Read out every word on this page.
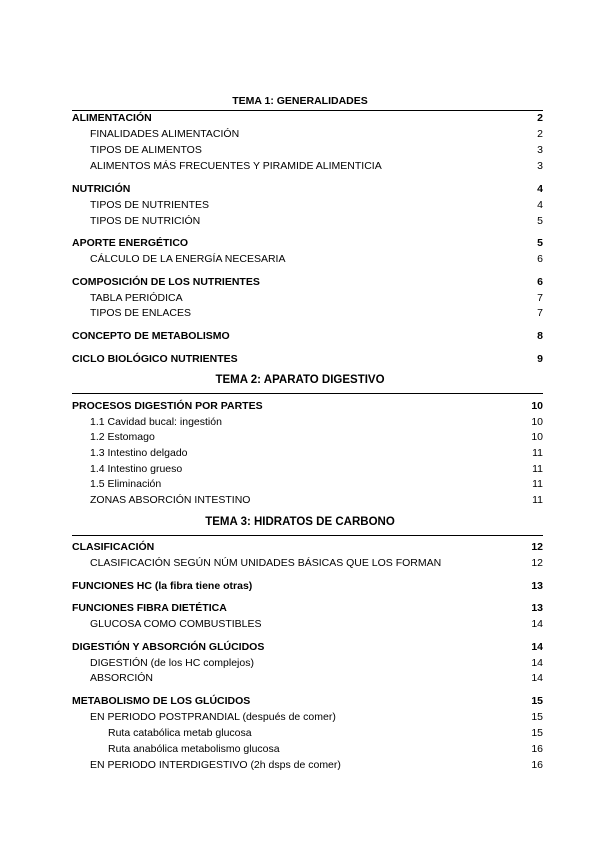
TEMA 1: GENERALIDADES
ALIMENTACIÓN	2
FINALIDADES ALIMENTACIÓN	2
TIPOS DE ALIMENTOS	3
ALIMENTOS MÁS FRECUENTES Y PIRAMIDE ALIMENTICIA	3
NUTRICIÓN	4
TIPOS DE NUTRIENTES	4
TIPOS DE NUTRICIÓN	5
APORTE ENERGÉTICO	5
CÁLCULO DE LA ENERGÍA NECESARIA	6
COMPOSICIÓN DE LOS NUTRIENTES	6
TABLA PERIÓDICA	7
TIPOS DE ENLACES	7
CONCEPTO DE METABOLISMO	8
CICLO BIOLÓGICO NUTRIENTES	9
TEMA 2: APARATO DIGESTIVO
PROCESOS DIGESTIÓN POR PARTES	10
1.1 Cavidad bucal: ingestión	10
1.2 Estomago	10
1.3 Intestino delgado	11
1.4 Intestino grueso	11
1.5 Eliminación	11
ZONAS ABSORCIÓN INTESTINO	11
TEMA 3: HIDRATOS DE CARBONO
CLASIFICACIÓN	12
CLASIFICACIÓN SEGÚN NÚM UNIDADES BÁSICAS QUE LOS FORMAN	12
FUNCIONES HC (la fibra tiene otras)	13
FUNCIONES FIBRA DIETÉTICA	13
GLUCOSA COMO COMBUSTIBLES	14
DIGESTIÓN Y ABSORCIÓN GLÚCIDOS	14
DIGESTIÓN (de los HC complejos)	14
ABSORCIÓN	14
METABOLISMO DE LOS GLÚCIDOS	15
EN PERIODO POSTPRANDIAL (después de comer)	15
Ruta catabólica metab glucosa	15
Ruta anabólica metabolismo glucosa	16
EN PERIODO INTERDIGESTIVO (2h dsps de comer)	16
